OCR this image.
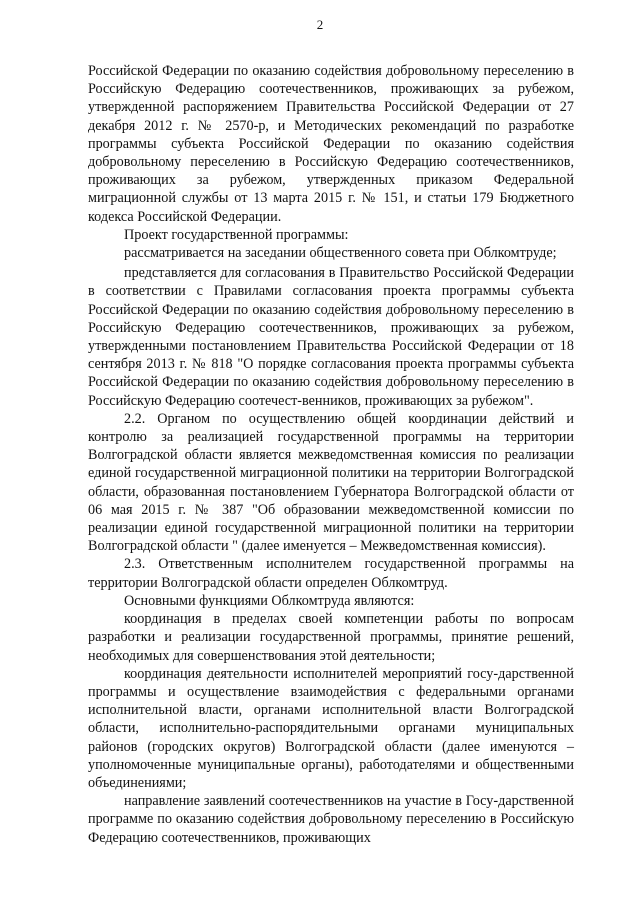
2

Российской Федерации по оказанию содействия добровольному переселению в Российскую Федерацию соотечественников, проживающих за рубежом, утвержденной распоряжением Правительства Российской Федерации от 27 декабря 2012 г. № 2570-р, и Методических рекомендаций по разработке программы субъекта Российской Федерации по оказанию содействия добровольному переселению в Российскую Федерацию соотечественников, проживающих за рубежом, утвержденных приказом Федеральной миграционной службы от 13 марта 2015 г. № 151, и статьи 179 Бюджетного кодекса Российской Федерации.

Проект государственной программы:

рассматривается на заседании общественного совета при Облкомтруде;

представляется для согласования в Правительство Российской Федерации в соответствии с Правилами согласования проекта программы субъекта Российской Федерации по оказанию содействия добровольному переселению в Российскую Федерацию соотечественников, проживающих за рубежом, утвержденными постановлением Правительства Российской Федерации от 18 сентября 2013 г. № 818 "О порядке согласования проекта программы субъекта Российской Федерации по оказанию содействия добровольному переселению в Российскую Федерацию соотечест-венников, проживающих за рубежом".

2.2. Органом по осуществлению общей координации действий и контролю за реализацией государственной программы на территории Волгоградской области является межведомственная комиссия по реализации единой государственной миграционной политики на территории Волгоградской области, образованная постановлением Губернатора Волгоградской области от 06 мая 2015 г. № 387 "Об образовании межведомственной комиссии по реализации единой государственной миграционной политики на территории Волгоградской области " (далее именуется – Межведомственная комиссия).

2.3. Ответственным исполнителем государственной программы на территории Волгоградской области определен Облкомтруд.

Основными функциями Облкомтруда являются:

координация в пределах своей компетенции работы по вопросам разработки и реализации государственной программы, принятие решений, необходимых для совершенствования этой деятельности;

координация деятельности исполнителей мероприятий госу-дарственной программы и осуществление взаимодействия с федеральными органами исполнительной власти, органами исполнительной власти Волгоградской области, исполнительно-распорядительными органами муниципальных районов (городских округов) Волгоградской области (далее именуются – уполномоченные муниципальные органы), работодателями и общественными объединениями;

направление заявлений соотечественников на участие в Госу-дарственной программе по оказанию содействия добровольному переселению в Российскую Федерацию соотечественников, проживающих
